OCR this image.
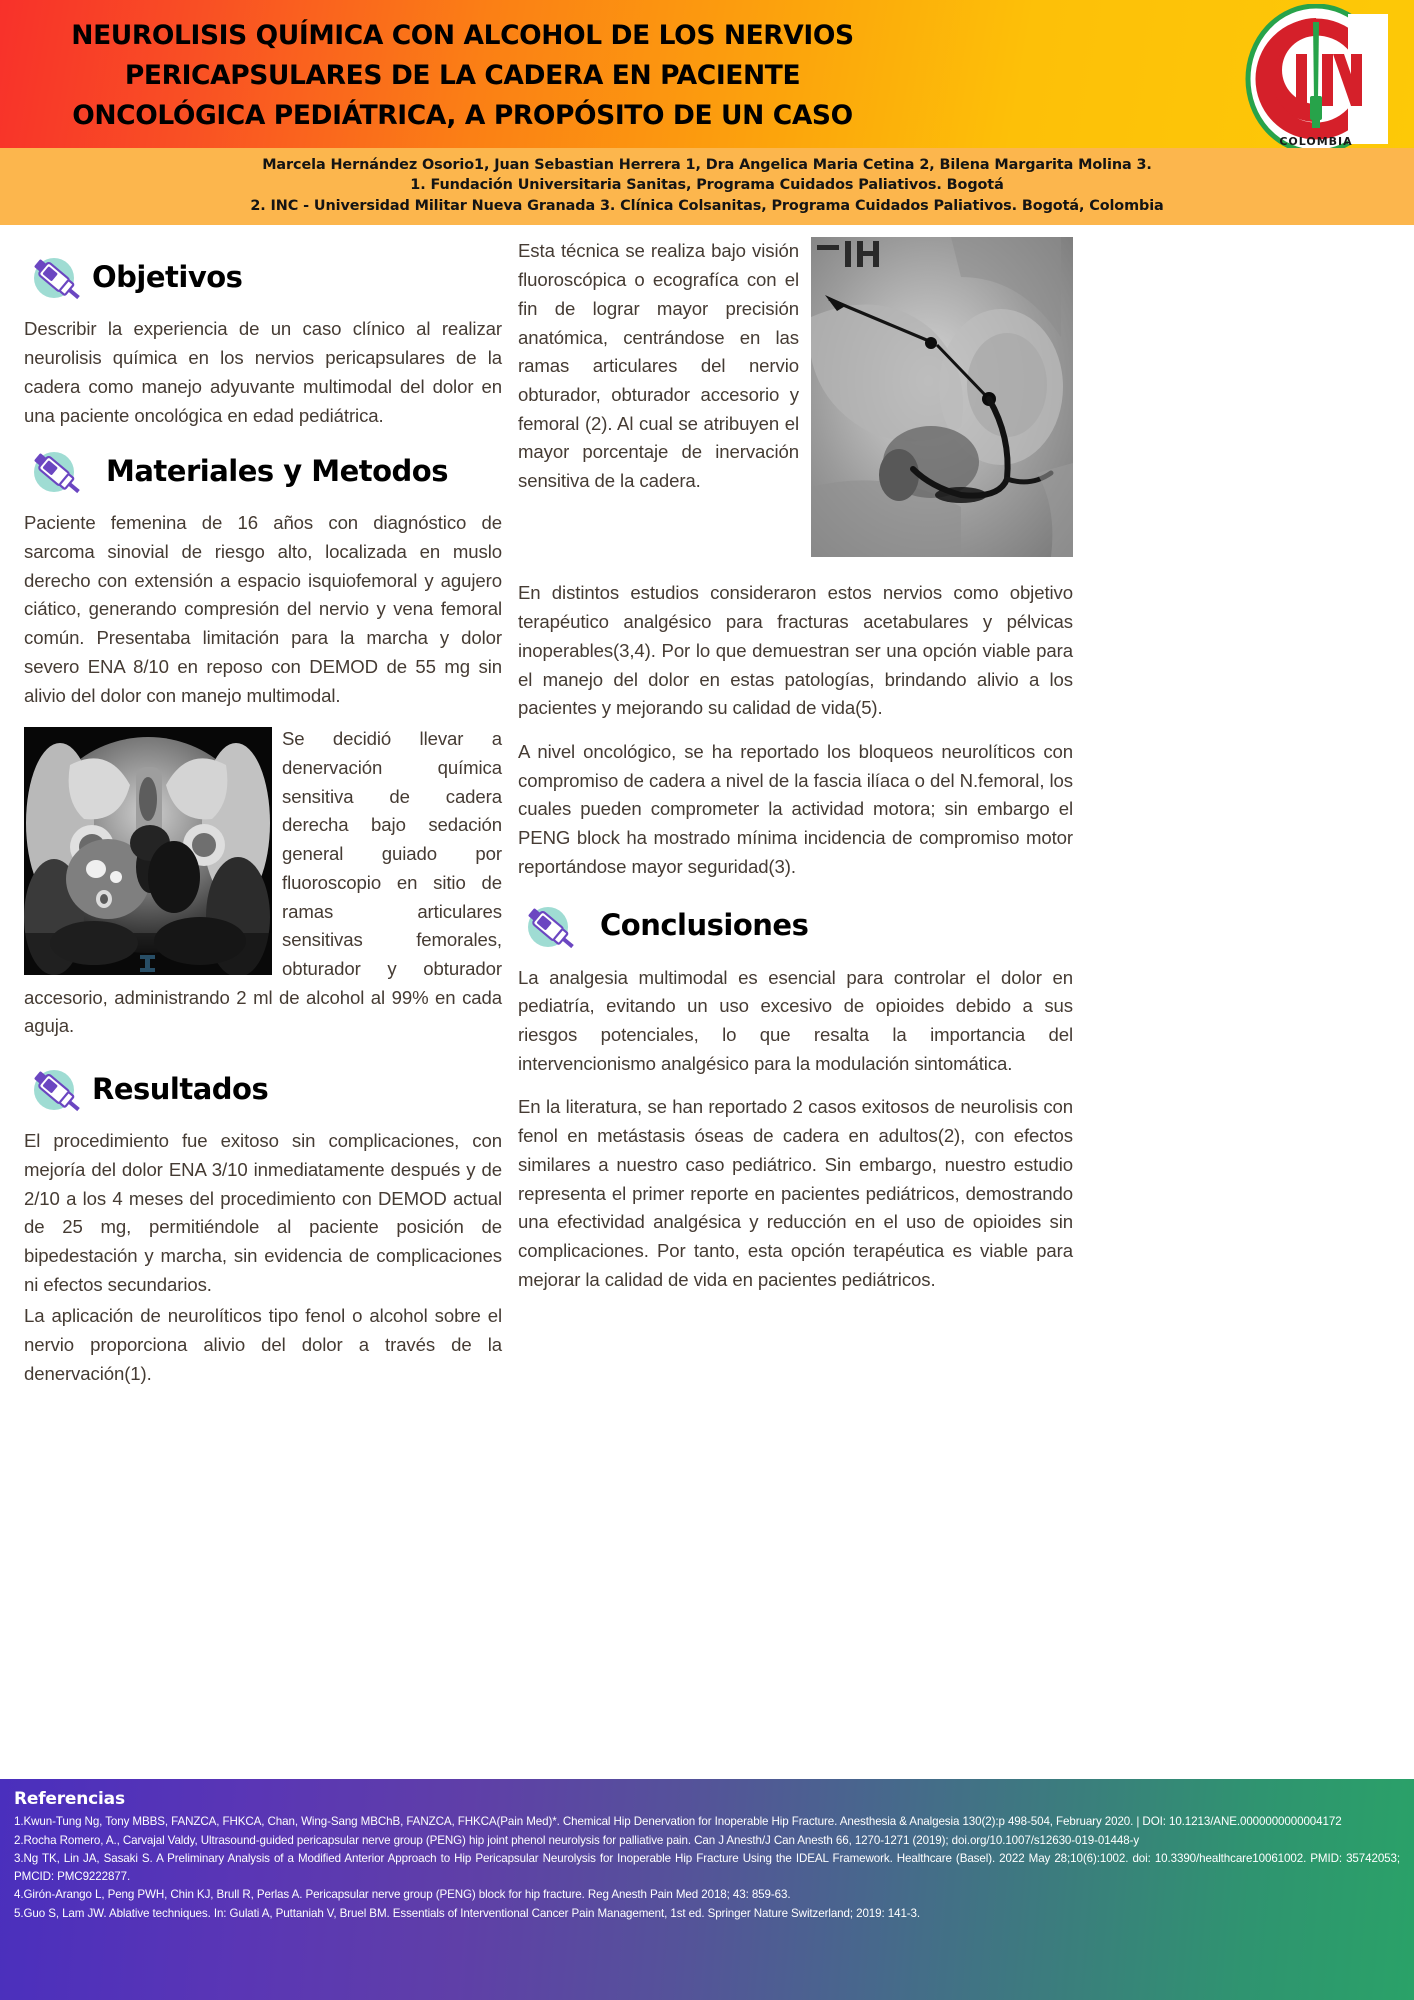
NEUROLISIS QUÍMICA CON ALCOHOL DE LOS NERVIOS
PERICAPSULARES DE LA CADERA EN PACIENTE
ONCOLÓGICA PEDIÁTRICA, A PROPÓSITO DE UN CASO
COLOMBIA
Marcela Hernández Osorio1, Juan Sebastian Herrera 1, Dra Angelica Maria Cetina 2, Bilena Margarita Molina 3.
1. Fundación Universitaria Sanitas, Programa Cuidados Paliativos. Bogotá
2. INC - Universidad Militar Nueva Granada 3. Clínica Colsanitas, Programa Cuidados Paliativos. Bogotá, Colombia
Objetivos

Describir la experiencia de un caso clínico al realizar neurolisis química en los nervios pericapsulares de la cadera como manejo adyuvante multimodal del dolor en una paciente oncológica en edad pediátrica.

Materiales y Metodos

Paciente femenina de 16 años con diagnóstico de sarcoma sinovial de riesgo alto, localizada en muslo derecho con extensión a espacio isquiofemoral y agujero ciático, generando compresión del nervio y vena femoral común. Presentaba limitación para la marcha y dolor severo ENA 8/10 en reposo con DEMOD de 55 mg sin alivio del dolor con manejo multimodal.

Se decidió llevar a denervación química sensitiva de cadera derecha bajo sedación general guiado por fluoroscopio en sitio de ramas articulares sensitivas femorales, obturador y obturador accesorio, administrando 2 ml de alcohol al 99% en cada aguja.

Resultados

El procedimiento fue exitoso sin complicaciones, con mejoría del dolor ENA 3/10 inmediatamente después y de 2/10 a los 4 meses del procedimiento con DEMOD actual de 25 mg, permitiéndole al paciente posición de bipedestación y marcha, sin evidencia de complicaciones ni efectos secundarios.

La aplicación de neurolíticos tipo fenol o alcohol sobre el nervio proporciona alivio del dolor a través de la denervación(1).

Esta técnica se realiza bajo visión fluoroscópica o ecografíca con el fin de lograr mayor precisión anatómica, centrándose en las ramas articulares del nervio obturador, obturador accesorio y femoral (2). Al cual se atribuyen el mayor porcentaje de inervación sensitiva de la cadera.

En distintos estudios consideraron estos nervios como objetivo terapéutico analgésico para fracturas acetabulares y pélvicas inoperables(3,4). Por lo que demuestran ser una opción viable para el manejo del dolor en estas patologías, brindando alivio a los pacientes y mejorando su calidad de vida(5).

A nivel oncológico, se ha reportado los bloqueos neurolíticos con compromiso de cadera a nivel de la fascia ilíaca o del N.femoral, los cuales pueden comprometer la actividad motora; sin embargo el PENG block ha mostrado mínima incidencia de compromiso motor reportándose mayor seguridad(3).

Conclusiones

La analgesia multimodal es esencial para controlar el dolor en pediatría, evitando un uso excesivo de opioides debido a sus riesgos potenciales, lo que resalta la importancia del intervencionismo analgésico para la modulación sintomática.

En la literatura, se han reportado 2 casos exitosos de neurolisis con fenol en metástasis óseas de cadera en adultos(2), con efectos similares a nuestro caso pediátrico. Sin embargo, nuestro estudio representa el primer reporte en pacientes pediátricos, demostrando una efectividad analgésica y reducción en el uso de opioides sin complicaciones. Por tanto, esta opción terapéutica es viable para mejorar la calidad de vida en pacientes pediátricos.

Referencias

1.Kwun-Tung Ng, Tony MBBS, FANZCA, FHKCA, Chan, Wing-Sang MBChB, FANZCA, FHKCA(Pain Med)*. Chemical Hip Denervation for Inoperable Hip Fracture. Anesthesia & Analgesia 130(2):p 498-504, February 2020. | DOI: 10.1213/ANE.0000000000004172

2.Rocha Romero, A., Carvajal Valdy, Ultrasound-guided pericapsular nerve group (PENG) hip joint phenol neurolysis for palliative pain. Can J Anesth/J Can Anesth 66, 1270-1271 (2019); doi.org/10.1007/s12630-019-01448-y

3.Ng TK, Lin JA, Sasaki S. A Preliminary Analysis of a Modified Anterior Approach to Hip Pericapsular Neurolysis for Inoperable Hip Fracture Using the IDEAL Framework. Healthcare (Basel). 2022 May 28;10(6):1002. doi: 10.3390/healthcare10061002. PMID: 35742053; PMCID: PMC9222877.

4.Girón-Arango L, Peng PWH, Chin KJ, Brull R, Perlas A. Pericapsular nerve group (PENG) block for hip fracture. Reg Anesth Pain Med 2018; 43: 859-63.

5.Guo S, Lam JW. Ablative techniques. In: Gulati A, Puttaniah V, Bruel BM. Essentials of Interventional Cancer Pain Management, 1st ed. Springer Nature Switzerland; 2019: 141-3.
